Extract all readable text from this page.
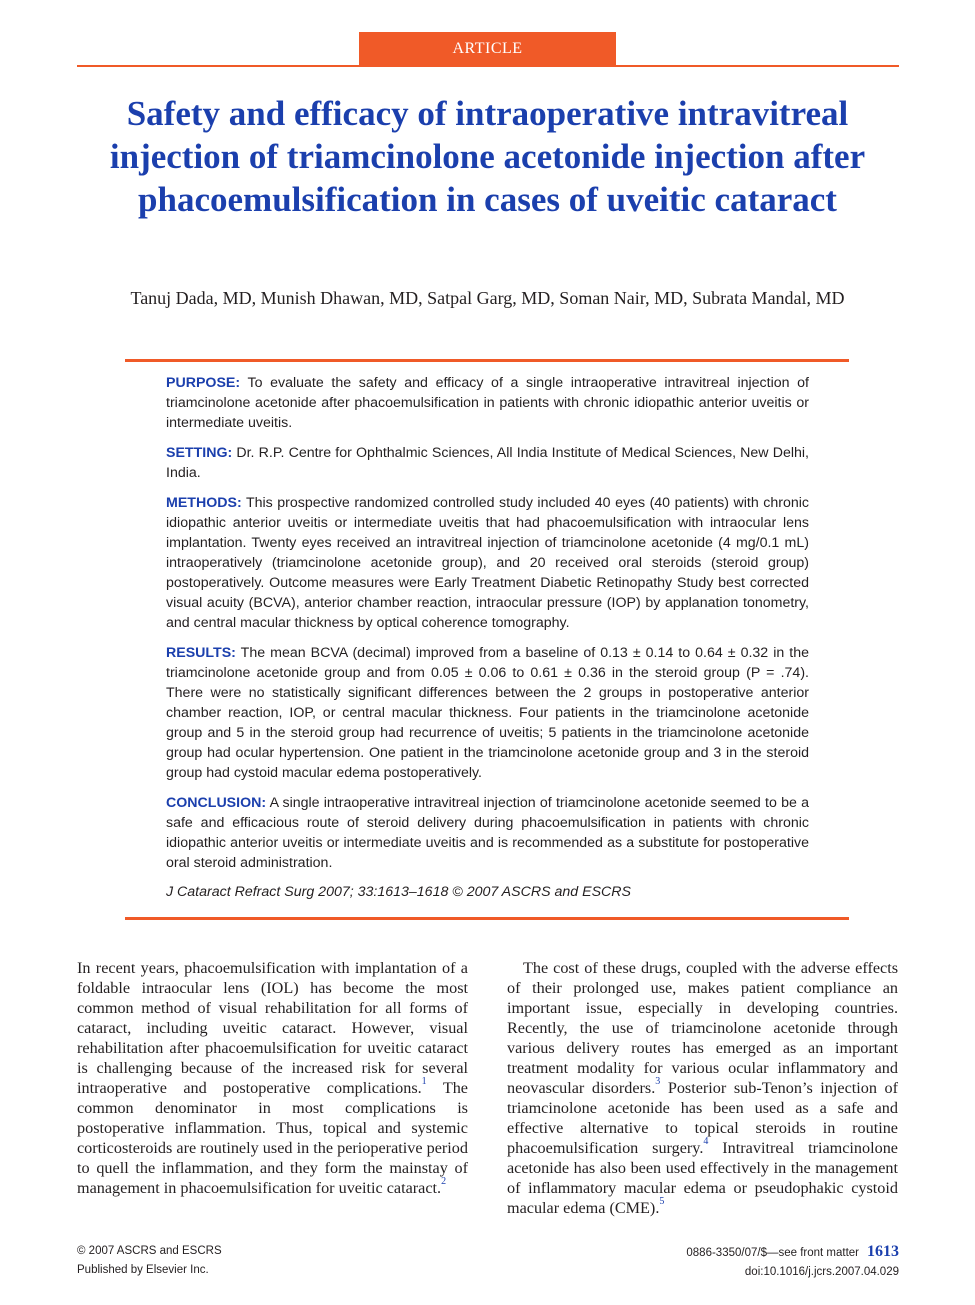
ARTICLE
Safety and efficacy of intraoperative intravitreal injection of triamcinolone acetonide injection after phacoemulsification in cases of uveitic cataract
Tanuj Dada, MD, Munish Dhawan, MD, Satpal Garg, MD, Soman Nair, MD, Subrata Mandal, MD

PURPOSE: To evaluate the safety and efficacy of a single intraoperative intravitreal injection of triamcinolone acetonide after phacoemulsification in patients with chronic idiopathic anterior uveitis or intermediate uveitis.

SETTING: Dr. R.P. Centre for Ophthalmic Sciences, All India Institute of Medical Sciences, New Delhi, India.

METHODS: This prospective randomized controlled study included 40 eyes (40 patients) with chronic idiopathic anterior uveitis or intermediate uveitis that had phacoemulsification with intraocular lens implantation. Twenty eyes received an intravitreal injection of triamcinolone acetonide (4 mg/0.1 mL) intraoperatively (triamcinolone acetonide group), and 20 received oral steroids (steroid group) postoperatively. Outcome measures were Early Treatment Diabetic Retinopathy Study best corrected visual acuity (BCVA), anterior chamber reaction, intraocular pressure (IOP) by applanation tonometry, and central macular thickness by optical coherence tomography.

RESULTS: The mean BCVA (decimal) improved from a baseline of 0.13 ± 0.14 to 0.64 ± 0.32 in the triamcinolone acetonide group and from 0.05 ± 0.06 to 0.61 ± 0.36 in the steroid group (P = .74). There were no statistically significant differences between the 2 groups in postoperative anterior chamber reaction, IOP, or central macular thickness. Four patients in the triamcinolone acetonide group and 5 in the steroid group had recurrence of uveitis; 5 patients in the triamcinolone acetonide group had ocular hypertension. One patient in the triamcinolone acetonide group and 3 in the steroid group had cystoid macular edema postoperatively.

CONCLUSION: A single intraoperative intravitreal injection of triamcinolone acetonide seemed to be a safe and efficacious route of steroid delivery during phacoemulsification in patients with chronic idiopathic anterior uveitis or intermediate uveitis and is recommended as a substitute for postoperative oral steroid administration.

J Cataract Refract Surg 2007; 33:1613–1618 © 2007 ASCRS and ESCRS

In recent years, phacoemulsification with implantation of a foldable intraocular lens (IOL) has become the most common method of visual rehabilitation for all forms of cataract, including uveitic cataract. However, visual rehabilitation after phacoemulsification for uveitic cataract is challenging because of the increased risk for several intraoperative and postoperative complications.$^1$ The common denominator in most complications is postoperative inflammation. Thus, topical and systemic corticosteroids are routinely used in the perioperative period to quell the inflammation, and they form the mainstay of management in phacoemulsification for uveitic cataract.$^2$

The cost of these drugs, coupled with the adverse effects of their prolonged use, makes patient compliance an important issue, especially in developing countries. Recently, the use of triamcinolone acetonide through various delivery routes has emerged as an important treatment modality for various ocular inflammatory and neovascular disorders.$^3$ Posterior sub-Tenon’s injection of triamcinolone acetonide has been used as a safe and effective alternative to topical steroids in routine phacoemulsification surgery.$^4$ Intravitreal triamcinolone acetonide has also been used effectively in the management of inflammatory macular edema or pseudophakic cystoid macular edema (CME).$^5$

© 2007 ASCRS and ESCRS
Published by Elsevier Inc.
0886-3350/07/$—see front matter 1613
doi:10.1016/j.jcrs.2007.04.029
